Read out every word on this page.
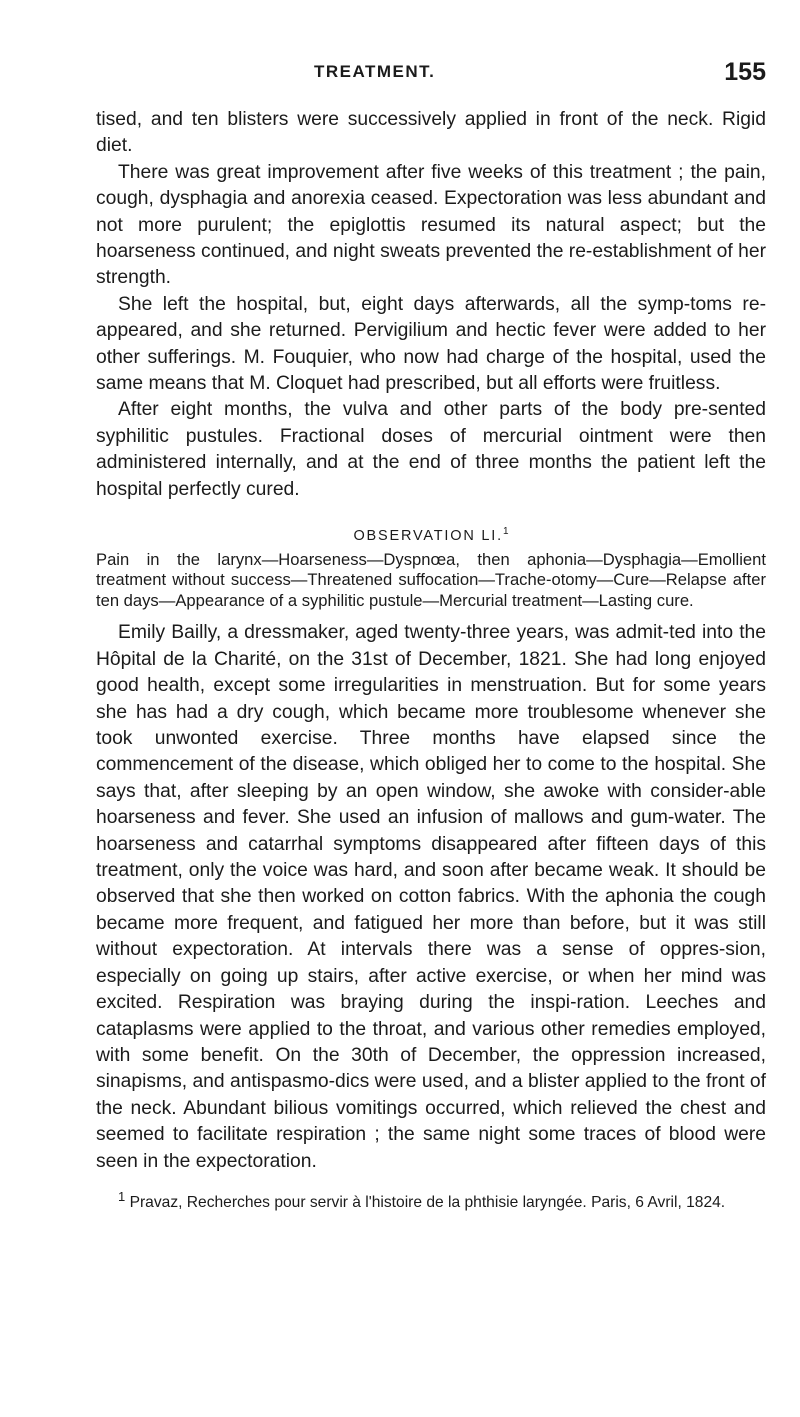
TREATMENT.	155

tised, and ten blisters were successively applied in front of the neck. Rigid diet.

There was great improvement after five weeks of this treatment ; the pain, cough, dysphagia and anorexia ceased. Expectoration was less abundant and not more purulent; the epiglottis resumed its natural aspect; but the hoarseness continued, and night sweats prevented the re-establishment of her strength.

She left the hospital, but, eight days afterwards, all the symp-toms re-appeared, and she returned. Pervigilium and hectic fever were added to her other sufferings. M. Fouquier, who now had charge of the hospital, used the same means that M. Cloquet had prescribed, but all efforts were fruitless.

After eight months, the vulva and other parts of the body pre-sented syphilitic pustules. Fractional doses of mercurial ointment were then administered internally, and at the end of three months the patient left the hospital perfectly cured.

OBSERVATION LI.$^1$

Pain in the larynx—Hoarseness—Dyspnœa, then aphonia—Dysphagia—Emollient treatment without success—Threatened suffocation—Trache-otomy—Cure—Relapse after ten days—Appearance of a syphilitic pustule—Mercurial treatment—Lasting cure.

Emily Bailly, a dressmaker, aged twenty-three years, was admit-ted into the Hôpital de la Charité, on the 31st of December, 1821. She had long enjoyed good health, except some irregularities in menstruation. But for some years she has had a dry cough, which became more troublesome whenever she took unwonted exercise. Three months have elapsed since the commencement of the disease, which obliged her to come to the hospital. She says that, after sleeping by an open window, she awoke with consider-able hoarseness and fever. She used an infusion of mallows and gum-water. The hoarseness and catarrhal symptoms disappeared after fifteen days of this treatment, only the voice was hard, and soon after became weak. It should be observed that she then worked on cotton fabrics. With the aphonia the cough became more frequent, and fatigued her more than before, but it was still without expectoration. At intervals there was a sense of oppres-sion, especially on going up stairs, after active exercise, or when her mind was excited. Respiration was braying during the inspi-ration. Leeches and cataplasms were applied to the throat, and various other remedies employed, with some benefit. On the 30th of December, the oppression increased, sinapisms, and antispasmo-dics were used, and a blister applied to the front of the neck. Abundant bilious vomitings occurred, which relieved the chest and seemed to facilitate respiration ; the same night some traces of blood were seen in the expectoration.

$^1$ Pravaz, Recherches pour servir à l'histoire de la phthisie laryngée. Paris, 6 Avril, 1824.
